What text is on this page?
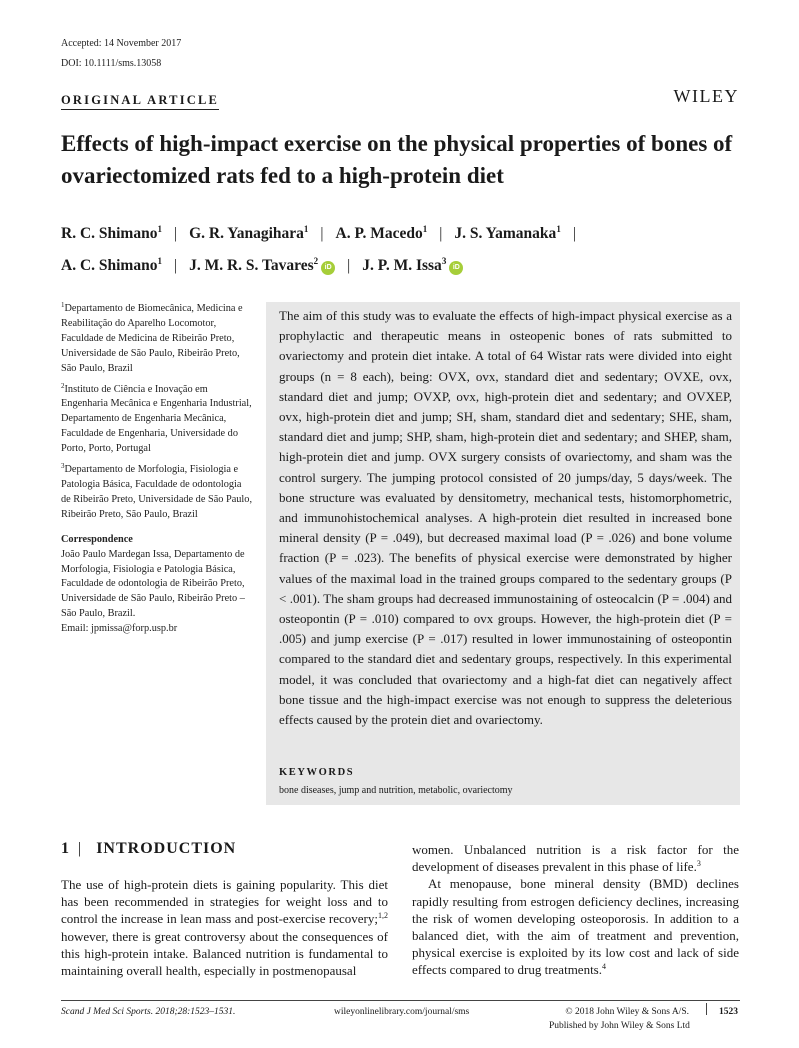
Accepted: 14 November 2017
DOI: 10.1111/sms.13058
ORIGINAL ARTICLE	WILEY
Effects of high-impact exercise on the physical properties of bones of ovariectomized rats fed to a high-protein diet
R. C. Shimano$^1$ | G. R. Yanagihara$^1$ | A. P. Macedo$^1$ | J. S. Yamanaka$^1$ |
A. C. Shimano$^1$ | J. M. R. S. Tavares$^2$iD | J. P. M. Issa$^3$iD
$^1$Departamento de Biomecânica, Medicina e Reabilitação do Aparelho Locomotor, Faculdade de Medicina de Ribeirão Preto, Universidade de São Paulo, Ribeirão Preto, São Paulo, Brazil
$^2$Instituto de Ciência e Inovação em Engenharia Mecânica e Engenharia Industrial, Departamento de Engenharia Mecânica, Faculdade de Engenharia, Universidade do Porto, Porto, Portugal
$^3$Departamento de Morfologia, Fisiologia e Patologia Básica, Faculdade de odontologia de Ribeirão Preto, Universidade de São Paulo, Ribeirão Preto, São Paulo, Brazil
Correspondence
João Paulo Mardegan Issa, Departamento de Morfologia, Fisiologia e Patologia Básica, Faculdade de odontologia de Ribeirão Preto, Universidade de São Paulo, Ribeirão Preto – São Paulo, Brazil.
Email: jpmissa@forp.usp.br

The aim of this study was to evaluate the effects of high-impact physical exercise as a prophylactic and therapeutic means in osteopenic bones of rats submitted to ovariectomy and protein diet intake. A total of 64 Wistar rats were divided into eight groups (n = 8 each), being: OVX, ovx, standard diet and sedentary; OVXE, ovx, standard diet and jump; OVXP, ovx, high-protein diet and sedentary; and OVXEP, ovx, high-protein diet and jump; SH, sham, standard diet and sedentary; SHE, sham, standard diet and jump; SHP, sham, high-protein diet and sedentary; and SHEP, sham, high-protein diet and jump. OVX surgery consists of ovariectomy, and sham was the control surgery. The jumping protocol consisted of 20 jumps/day, 5 days/week. The bone structure was evaluated by densitometry, mechanical tests, histomorphometric, and immunohistochemical analyses. A high-protein diet resulted in increased bone mineral density (P = .049), but decreased maximal load (P = .026) and bone volume fraction (P = .023). The benefits of physical exercise were demonstrated by higher values of the maximal load in the trained groups compared to the sedentary groups (P < .001). The sham groups had decreased immunostaining of osteocalcin (P = .004) and osteopontin (P = .010) compared to ovx groups. However, the high-protein diet (P = .005) and jump exercise (P = .017) resulted in lower immunostaining of osteopontin compared to the standard diet and sedentary groups, respectively. In this experimental model, it was concluded that ovariectomy and a high-fat diet can negatively affect bone tissue and the high-impact exercise was not enough to suppress the deleterious effects caused by the protein diet and ovariectomy.

KEYWORDS
bone diseases, jump and nutrition, metabolic, ovariectomy
1 | INTRODUCTION

The use of high-protein diets is gaining popularity. This diet has been recommended in strategies for weight loss and to control the increase in lean mass and post-exercise recovery;$^{1,2}$ however, there is great controversy about the consequences of this high-protein intake. Balanced nutrition is fundamental to maintaining overall health, especially in postmenopausal

women. Unbalanced nutrition is a risk factor for the development of diseases prevalent in this phase of life.$^3$

At menopause, bone mineral density (BMD) declines rapidly resulting from estrogen deficiency declines, increasing the risk of women developing osteoporosis. In addition to a balanced diet, with the aim of treatment and prevention, physical exercise is exploited by its low cost and lack of side effects compared to drug treatments.$^4$

Scand J Med Sci Sports. 2018;28:1523–1531.	wileyonlinelibrary.com/journal/sms	© 2018 John Wiley & Sons A/S.
Published by John Wiley & Sons Ltd
1523
